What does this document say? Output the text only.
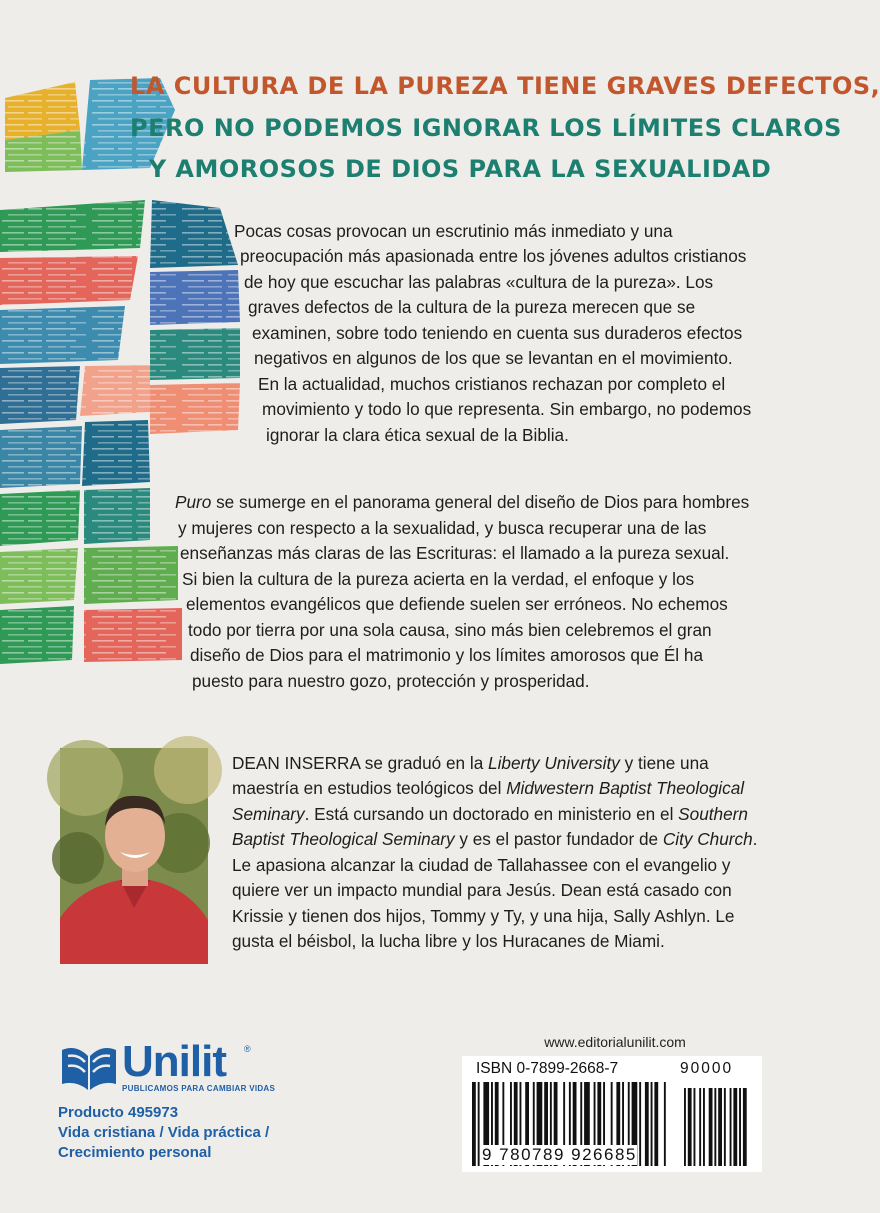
LA CULTURA DE LA PUREZA TIENE GRAVES DEFECTOS,
PERO NO PODEMOS IGNORAR LOS LÍMITES CLAROS
Y AMOROSOS DE DIOS PARA LA SEXUALIDAD
Pocas cosas provocan un escrutinio más inmediato y una
preocupación más apasionada entre los jóvenes adultos cristianos
de hoy que escuchar las palabras «cultura de la pureza». Los
graves defectos de la cultura de la pureza merecen que se
examinen, sobre todo teniendo en cuenta sus duraderos efectos
negativos en algunos de los que se levantan en el movimiento.
En la actualidad, muchos cristianos rechazan por completo el
movimiento y todo lo que representa. Sin embargo, no podemos
ignorar la clara ética sexual de la Biblia.
Puro se sumerge en el panorama general del diseño de Dios para hombres
y mujeres con respecto a la sexualidad, y busca recuperar una de las
enseñanzas más claras de las Escrituras: el llamado a la pureza sexual.
Si bien la cultura de la pureza acierta en la verdad, el enfoque y los
elementos evangélicos que defiende suelen ser erróneos. No echemos
todo por tierra por una sola causa, sino más bien celebremos el gran
diseño de Dios para el matrimonio y los límites amorosos que Él ha
puesto para nuestro gozo, protección y prosperidad.
DEAN INSERRA se graduó en la Liberty University y tiene una
maestría en estudios teológicos del Midwestern Baptist Theological
Seminary. Está cursando un doctorado en ministerio en el Southern
Baptist Theological Seminary y es el pastor fundador de City Church.
Le apasiona alcanzar la ciudad de Tallahassee con el evangelio y
quiere ver un impacto mundial para Jesús. Dean está casado con
Krissie y tienen dos hijos, Tommy y Ty, y una hija, Sally Ashlyn. Le
gusta el béisbol, la lucha libre y los Huracanes de Miami.
Unilit ®
PUBLICAMOS PARA CAMBIAR VIDAS
Producto 495973
Vida cristiana / Vida práctica /
Crecimiento personal
www.editorialunilit.com
ISBN 0-7899-2668-7	90000
9 780789 926685
